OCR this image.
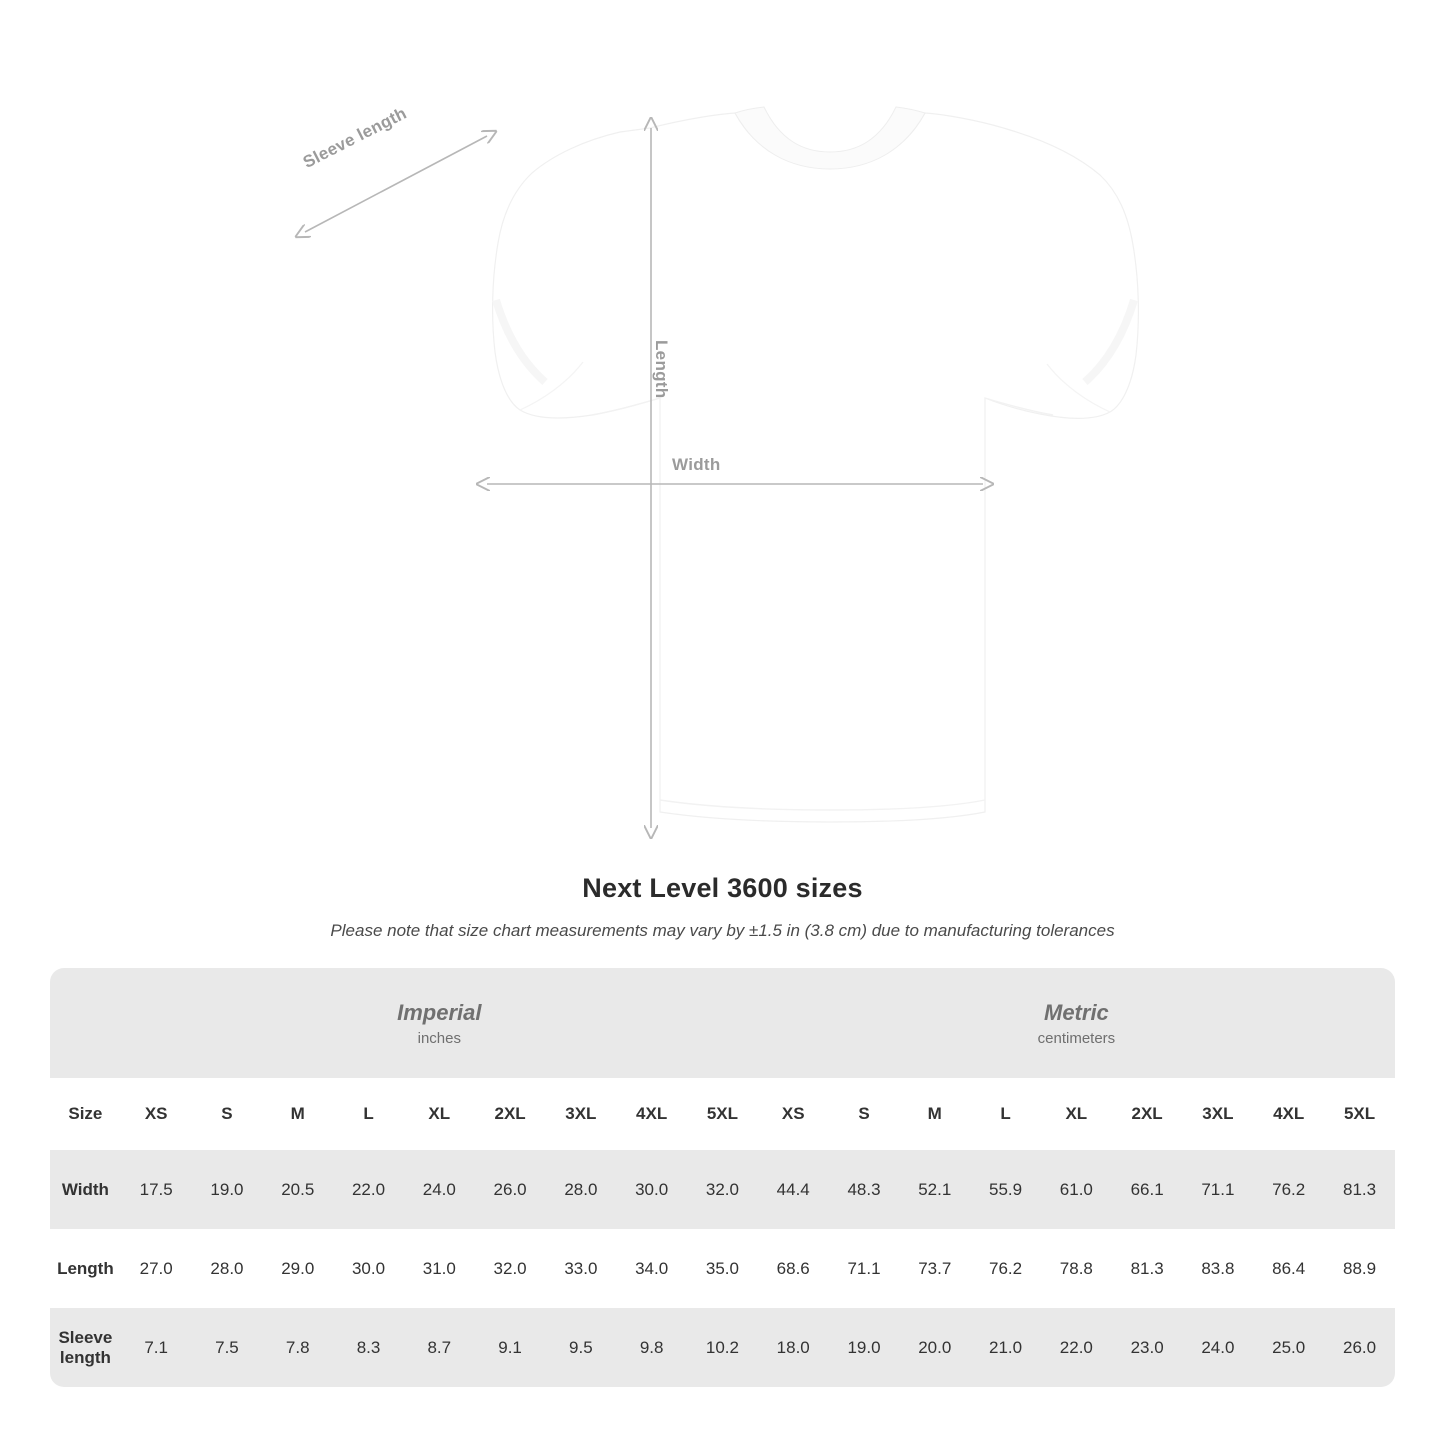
Sleeve length
Length
Width
Next Level 3600 sizes
Please note that size chart measurements may vary by ±1.5 in (3.8 cm) due to manufacturing tolerances

	Imperial
inches									Metric
centimeters								

Size	XS	S	M	L	XL	2XL	3XL	4XL	5XL	XS	S	M	L	XL	2XL	3XL	4XL	5XL
Width	17.5	19.0	20.5	22.0	24.0	26.0	28.0	30.0	32.0	44.4	48.3	52.1	55.9	61.0	66.1	71.1	76.2	81.3
Length	27.0	28.0	29.0	30.0	31.0	32.0	33.0	34.0	35.0	68.6	71.1	73.7	76.2	78.8	81.3	83.8	86.4	88.9
Sleeve length	7.1	7.5	7.8	8.3	8.7	9.1	9.5	9.8	10.2	18.0	19.0	20.0	21.0	22.0	23.0	24.0	25.0	26.0
